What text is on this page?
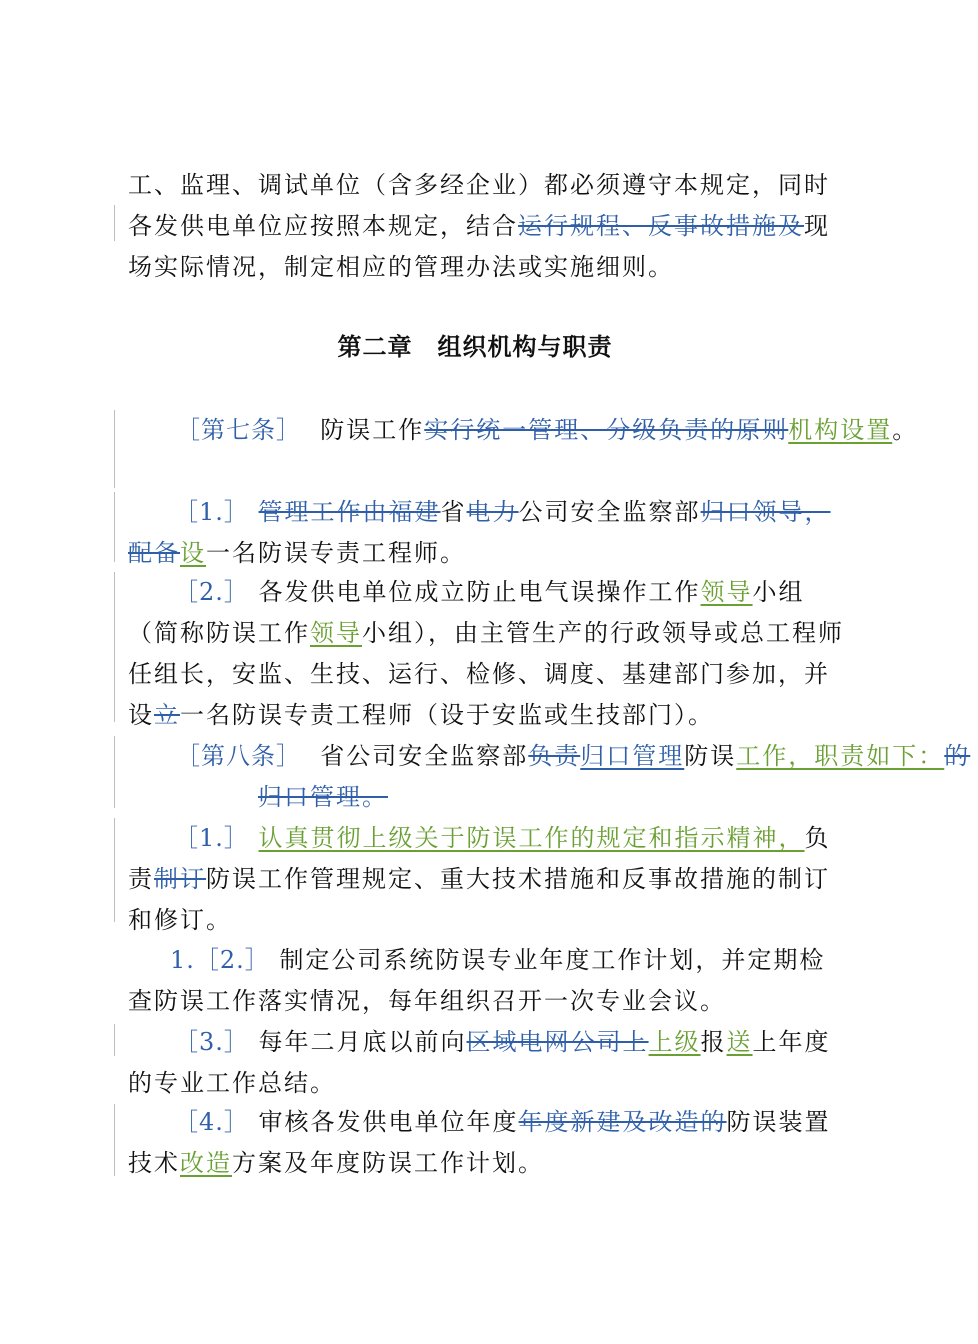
工、监理、调试单位（含多经企业）都必须遵守本规定，同时各发供电单位应按照本规定，结合运行规程、反事故措施及现场实际情况，制定相应的管理办法或实施细则。

第二章　组织机构与职责

［第七条］ 防误工作实行统一管理、分级负责的原则机构设置。

［1.］ 管理工作由福建省电力公司安全监察部归口领导，配备设一名防误专责工程师。

［2.］ 各发供电单位成立防止电气误操作工作领导小组（简称防误工作领导小组），由主管生产的行政领导或总工程师任组长，安监、生技、运行、检修、调度、基建部门参加，并设立一名防误专责工程师（设于安监或生技部门）。

［第八条］ 省公司安全监察部负责归口管理防误工作，职责如下：的归口管理。

［1.］ 认真贯彻上级关于防误工作的规定和指示精神，负责制订防误工作管理规定、重大技术措施和反事故措施的制订和修订。

1.［2.］ 制定公司系统防误专业年度工作计划，并定期检查防误工作落实情况，每年组织召开一次专业会议。

［3.］ 每年二月底以前向区域电网公司上上级报送上年度的专业工作总结。

［4.］ 审核各发供电单位年度年度新建及改造的防误装置技术改造方案及年度防误工作计划。
